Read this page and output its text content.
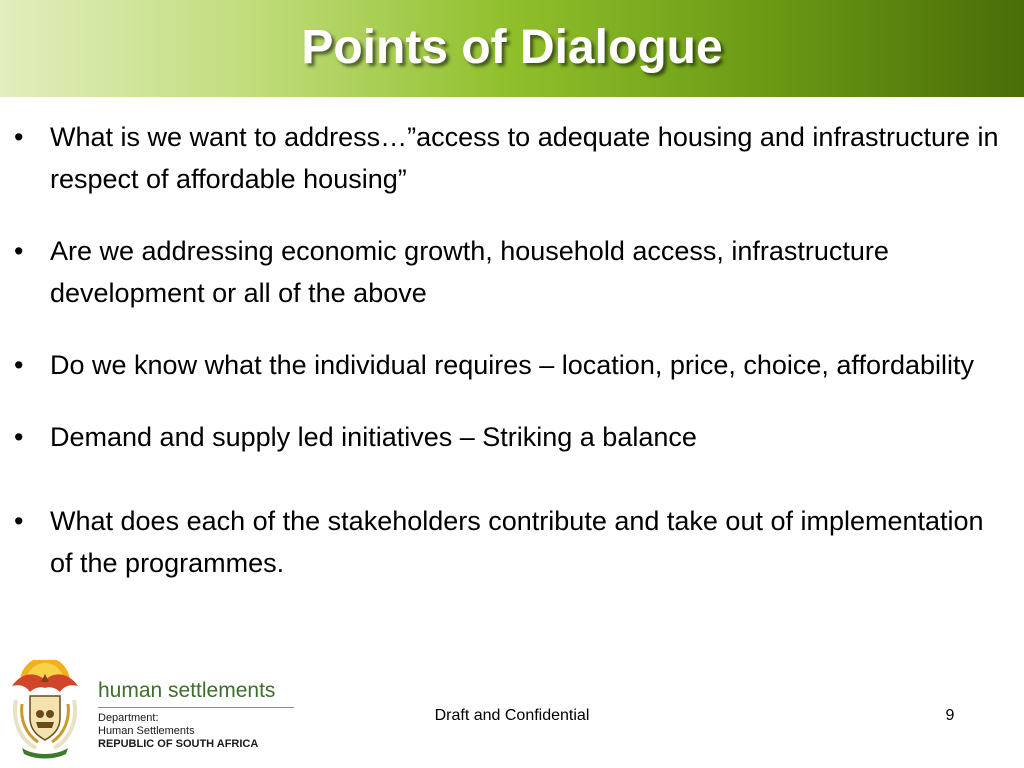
Points of Dialogue
• What is we want to address…”access to adequate housing and infrastructure in respect of affordable housing”
• Are we addressing economic growth, household access, infrastructure development or all of the above
• Do we know what the individual requires – location, price, choice, affordability
• Demand and supply led initiatives – Striking a balance
• What does each of the stakeholders contribute and take out of implementation of the programmes.
human settlements
Department:
Human Settlements
REPUBLIC OF SOUTH AFRICA
Draft and Confidential	9
